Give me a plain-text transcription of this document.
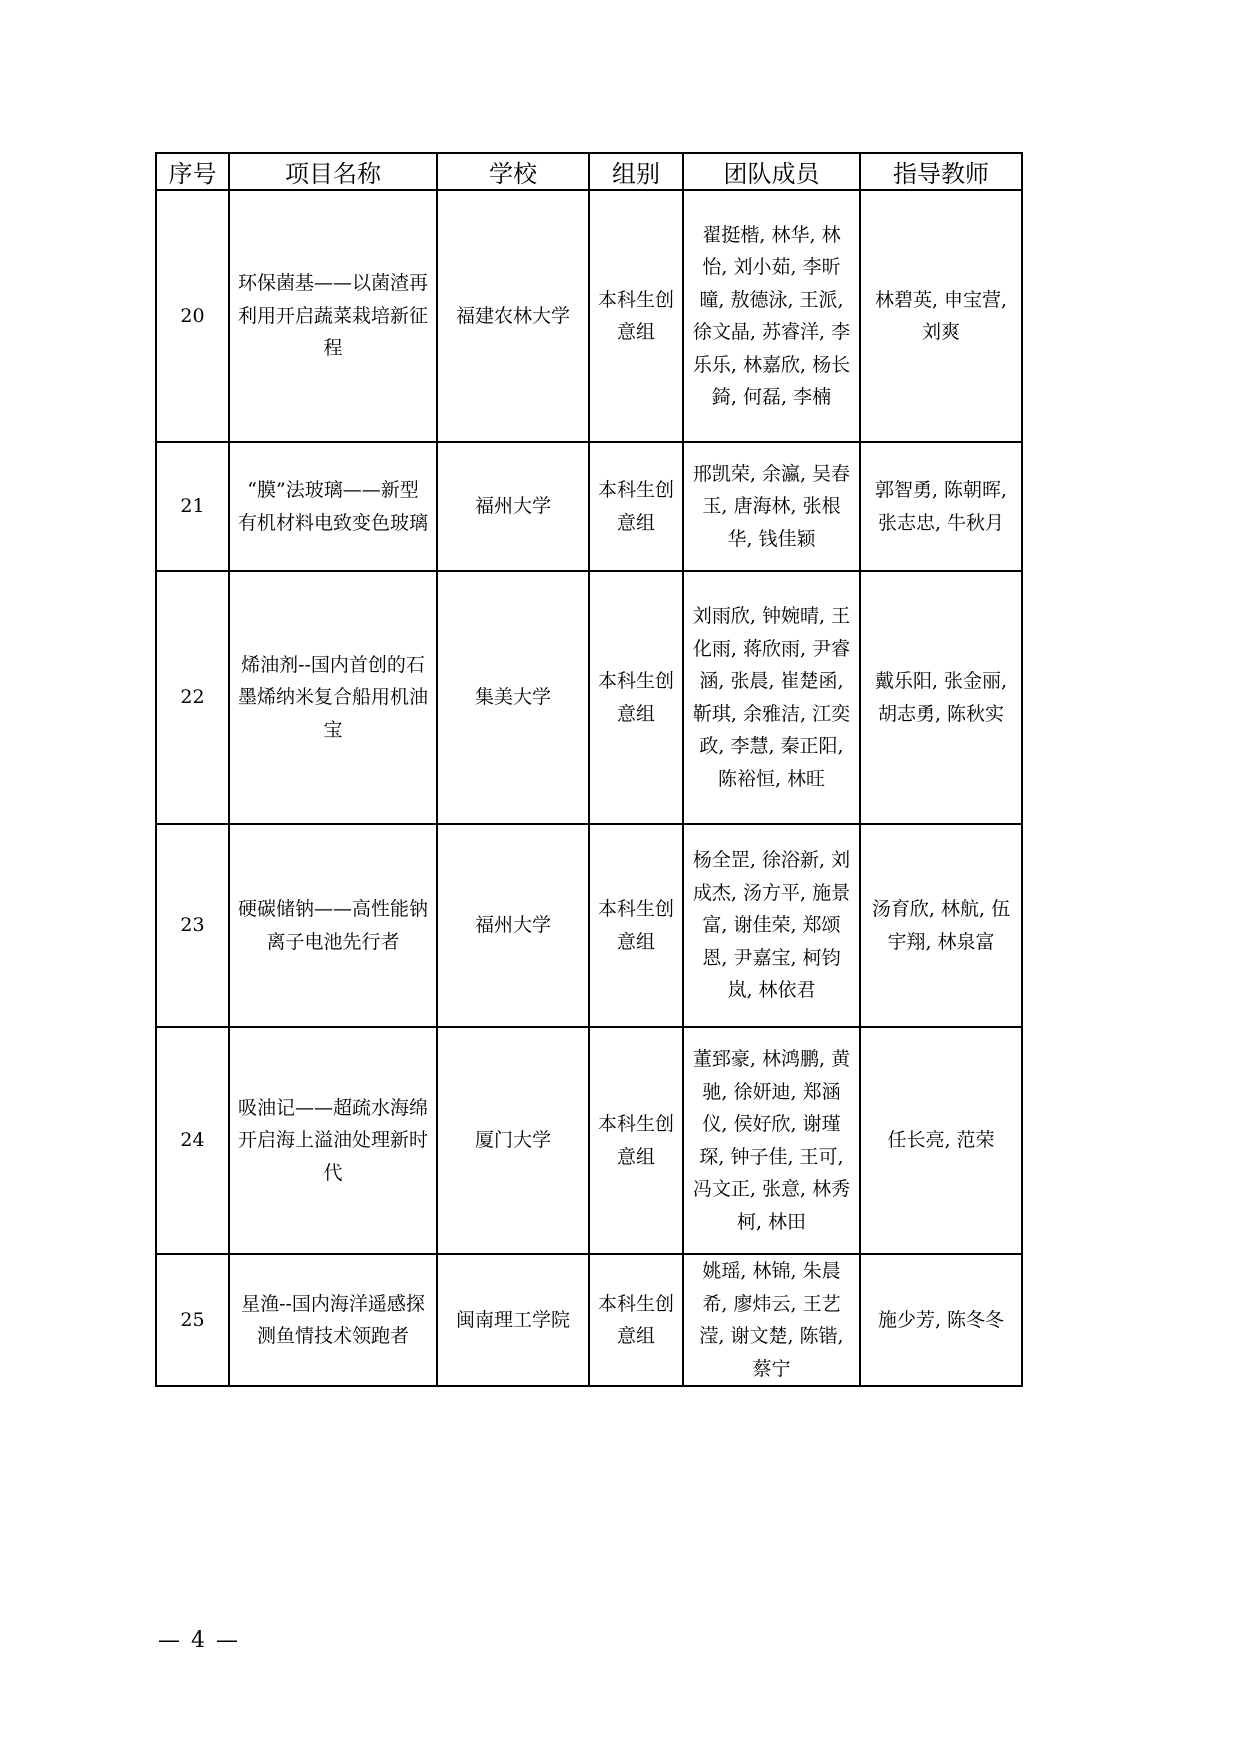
序号	项目名称	学校	组别	团队成员	指导教师
20	环保菌基——以菌渣再利用开启蔬菜栽培新征程	福建农林大学	本科生创意组	翟挺楷, 林华, 林怡, 刘小茹, 李昕曈, 敖德泳, 王派, 徐文晶, 苏睿洋, 李乐乐, 林嘉欣, 杨长錡, 何磊, 李楠	林碧英, 申宝营, 刘爽
21	“膜”法玻璃——新型有机材料电致变色玻璃	福州大学	本科生创意组	邢凯荣, 余瀛, 吴春玉, 唐海林, 张根华, 钱佳颖	郭智勇, 陈朝晖, 张志忠, 牛秋月
22	烯油剂--国内首创的石墨烯纳米复合船用机油宝	集美大学	本科生创意组	刘雨欣, 钟婉晴, 王化雨, 蒋欣雨, 尹睿涵, 张晨, 崔楚函, 靳琪, 余雅洁, 江奕政, 李慧, 秦正阳, 陈裕恒, 林旺	戴乐阳, 张金丽, 胡志勇, 陈秋实
23	硬碳储钠——高性能钠离子电池先行者	福州大学	本科生创意组	杨全罡, 徐浴新, 刘成杰, 汤方平, 施景富, 谢佳荣, 郑颂恩, 尹嘉宝, 柯钧岚, 林依君	汤育欣, 林航, 伍宇翔, 林泉富
24	吸油记——超疏水海绵开启海上溢油处理新时代	厦门大学	本科生创意组	董郅豪, 林鸿鹏, 黄驰, 徐妍迪, 郑涵仪, 侯好欣, 谢瑾琛, 钟子佳, 王可, 冯文正, 张意, 林秀柯, 林田	任长亮, 范荣
25	星渔--国内海洋遥感探测鱼情技术领跑者	闽南理工学院	本科生创意组	姚瑶, 林锦, 朱晨希, 廖炜云, 王艺滢, 谢文楚, 陈锴, 蔡宁	施少芳, 陈冬冬
— 4 —
